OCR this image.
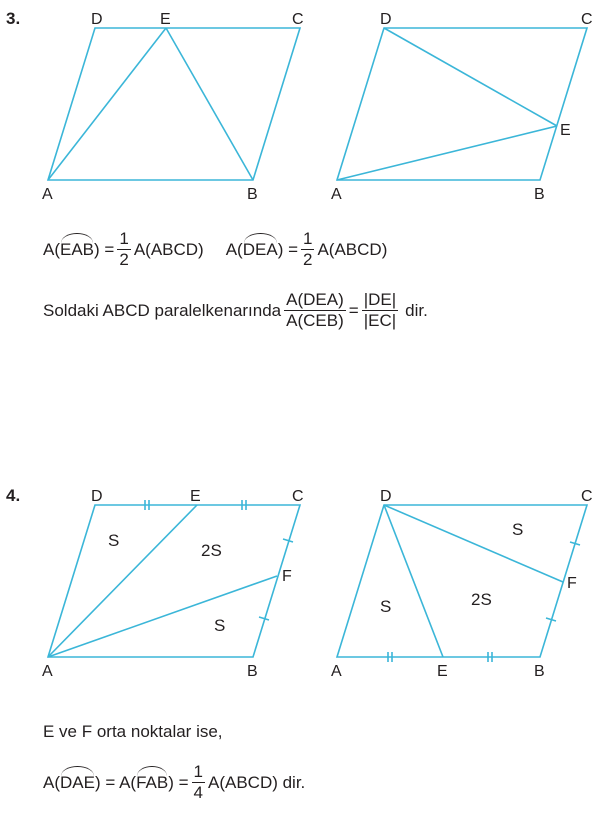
3.
4.
D	E	C
A	B
D	C
E
A	B
D	E	C
F
A	B
D	C
F
A	E	B
S
2S
S
S	2S
S
A( EAB ) = $\frac{1}{2}$ A(ABCD) A( DEA ) = $\frac{1}{2}$ A(ABCD)
Soldaki ABCD paralelkenarında $\frac{\text{A(DEA)}}{\text{A(CEB)}} = \frac{|DE|}{|EC|}$ dir.
E ve F orta noktalar ise,
A( DAE ) = A( FAB ) = $\frac{1}{4}$ A(ABCD) dir.
